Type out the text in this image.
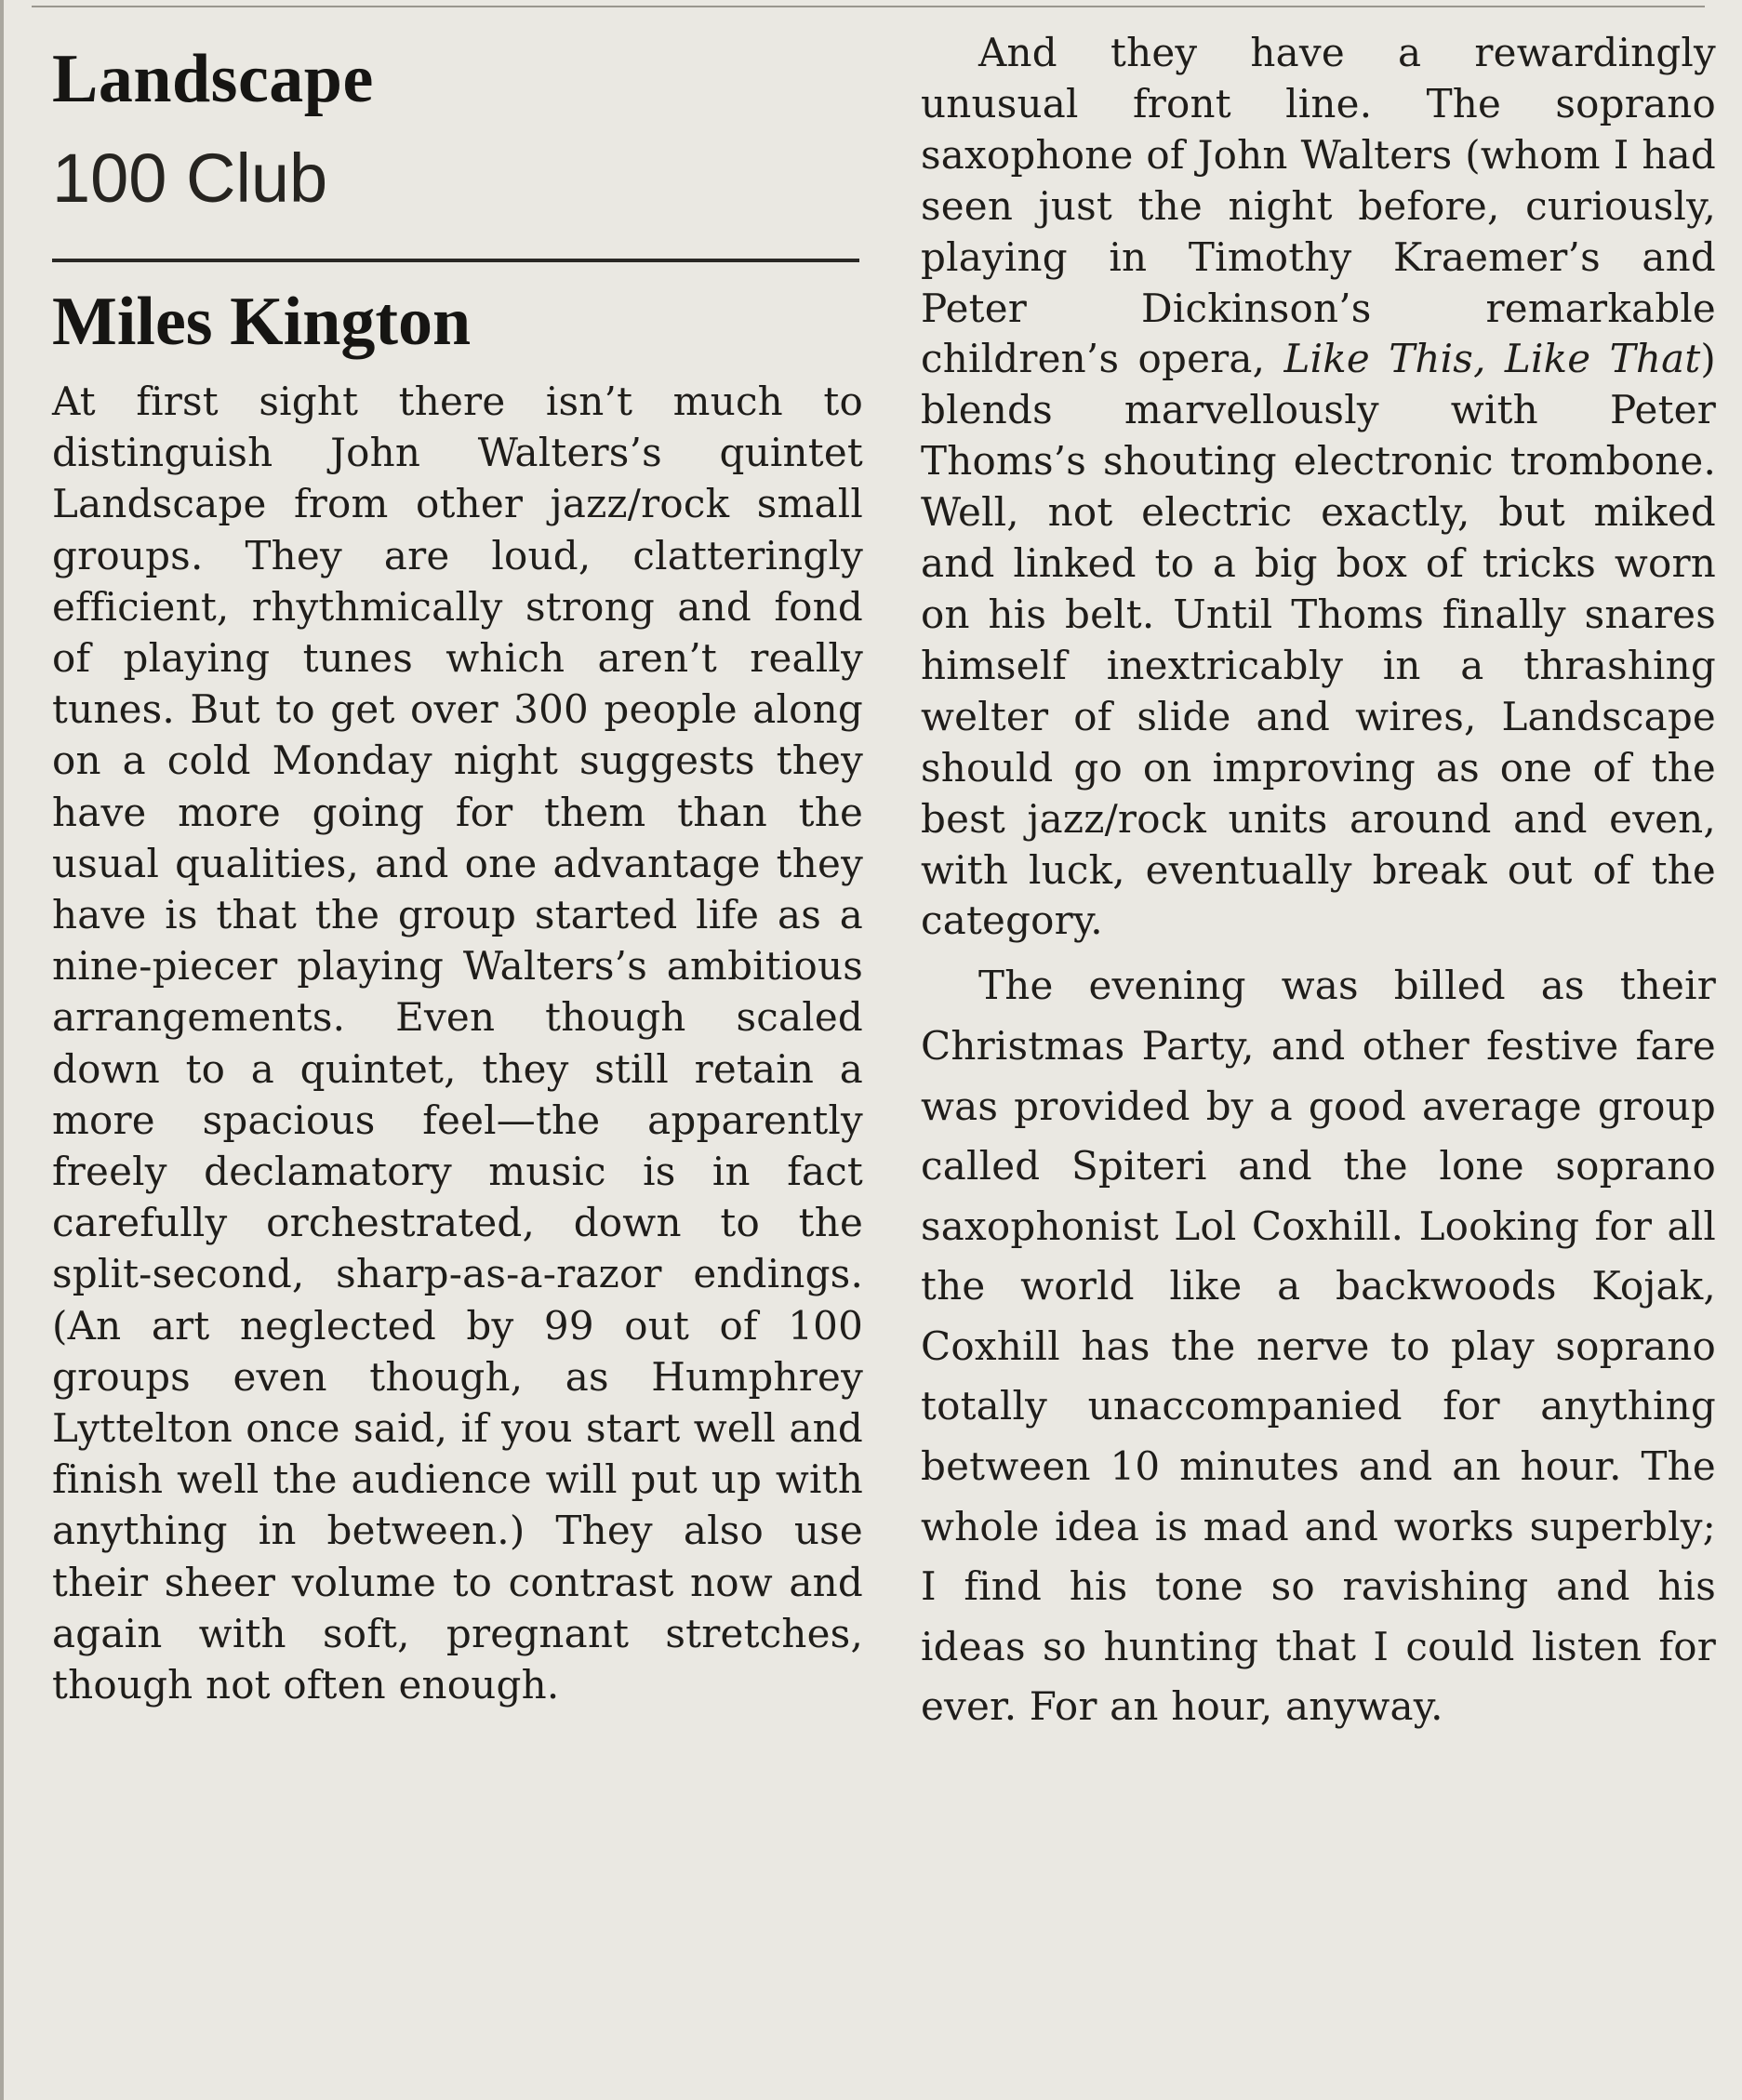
Landscape
100 Club
Miles Kington

At first sight there isn’t much to distinguish John Walters’s quintet Landscape from other jazz/rock small groups. They are loud, clatteringly efficient, rhythmically strong and fond of playing tunes which aren’t really tunes. But to get over 300 people along on a cold Monday night suggests they have more going for them than the usual qualities, and one advantage they have is that the group started life as a nine-piecer playing Walters’s ambitious arrangements. Even though scaled down to a quintet, they still retain a more spacious feel—the apparently freely declamatory music is in fact carefully orchestrated, down to the split-second, sharp-as-a-razor endings. (An art neglected by 99 out of 100 groups even though, as Humphrey Lyttelton once said, if you start well and finish well the audience will put up with anything in between.) They also use their sheer volume to contrast now and again with soft, pregnant stretches, though not often enough.

And they have a rewardingly unusual front line. The soprano saxophone of John Walters (whom I had seen just the night before, curiously, playing in Timothy Kraemer’s and Peter Dickinson’s remarkable children’s opera, Like This, Like That) blends marvellously with Peter Thoms’s shouting electronic trombone. Well, not electric exactly, but miked and linked to a big box of tricks worn on his belt. Until Thoms finally snares himself inextricably in a thrashing welter of slide and wires, Landscape should go on improving as one of the best jazz/rock units around and even, with luck, eventually break out of the category.

The evening was billed as their Christmas Party, and other festive fare was provided by a good average group called Spiteri and the lone soprano saxophonist Lol Coxhill. Looking for all the world like a backwoods Kojak, Coxhill has the nerve to play soprano totally unaccompanied for anything between 10 minutes and an hour. The whole idea is mad and works superbly; I find his tone so ravishing and his ideas so hunting that I could listen for ever. For an hour, anyway.
